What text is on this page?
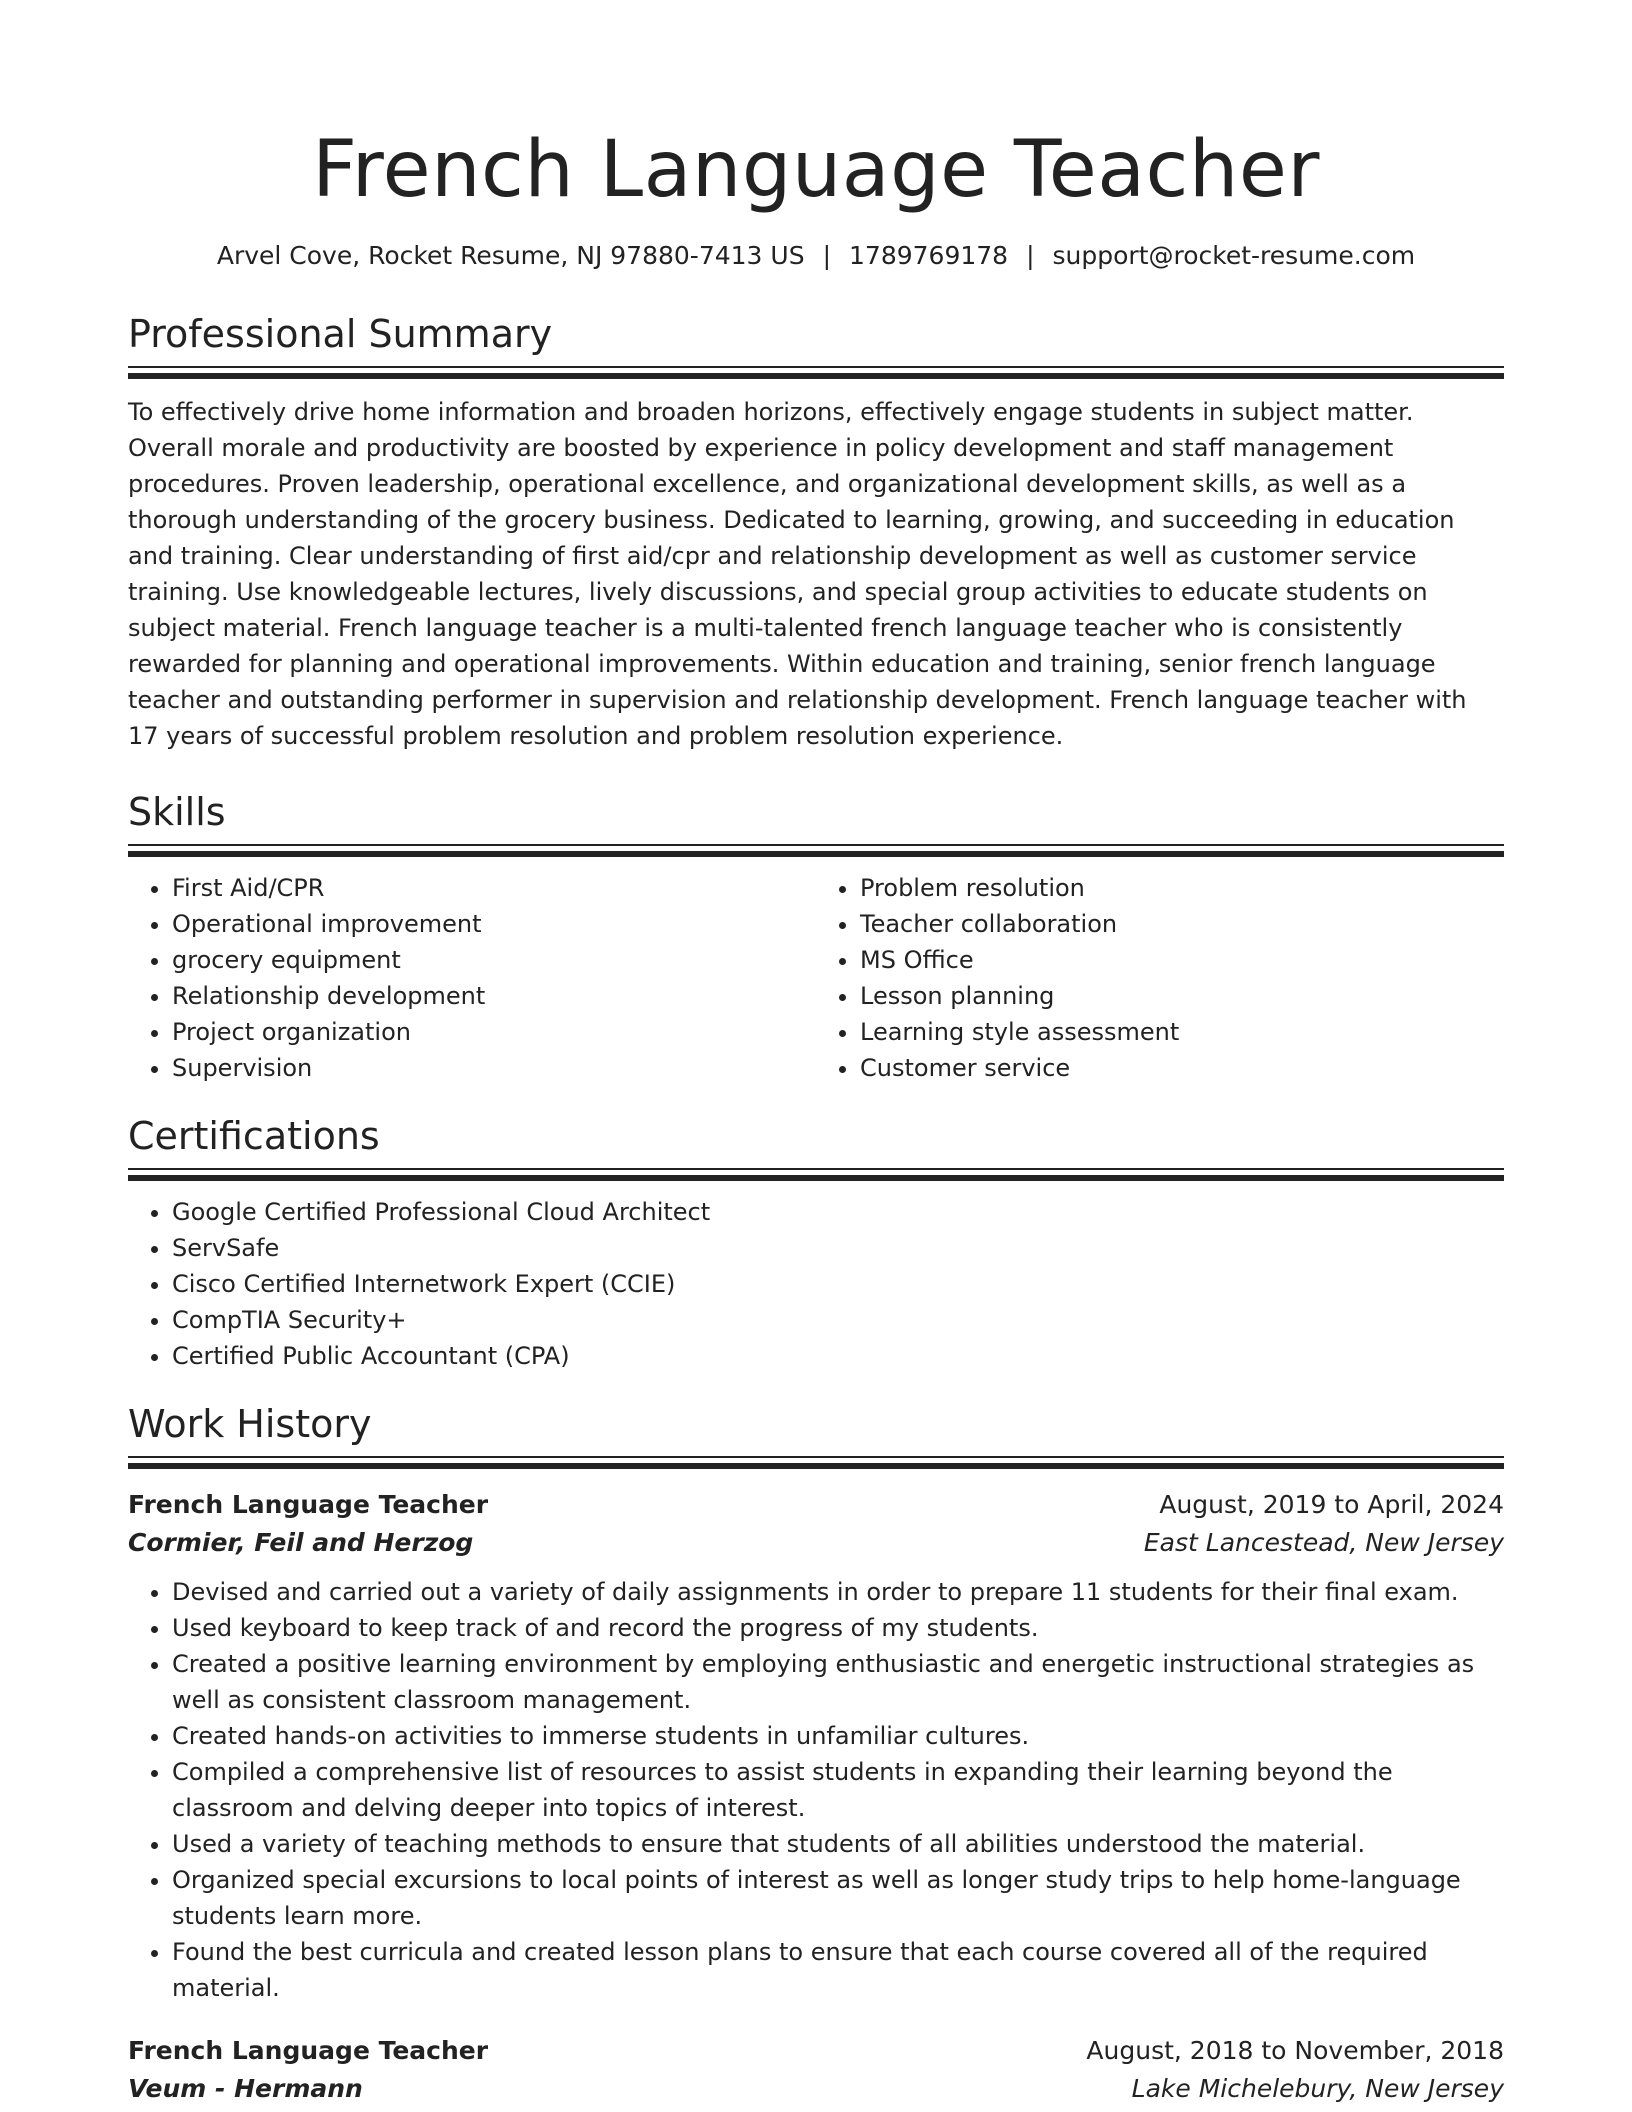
French Language Teacher
Arvel Cove, Rocket Resume, NJ 97880-7413 US | 1789769178 | support@rocket-resume.com
Professional Summary

To effectively drive home information and broaden horizons, effectively engage students in subject matter. Overall morale and productivity are boosted by experience in policy development and staff management procedures. Proven leadership, operational excellence, and organizational development skills, as well as a thorough understanding of the grocery business. Dedicated to learning, growing, and succeeding in education and training. Clear understanding of first aid/cpr and relationship development as well as customer service training. Use knowledgeable lectures, lively discussions, and special group activities to educate students on subject material. French language teacher is a multi-talented french language teacher who is consistently rewarded for planning and operational improvements. Within education and training, senior french language teacher and outstanding performer in supervision and relationship development. French language teacher with 17 years of successful problem resolution and problem resolution experience.

Skills
• First Aid/CPR
• Operational improvement
• grocery equipment
• Relationship development
• Project organization
• Supervision
• Problem resolution
• Teacher collaboration
• MS Office
• Lesson planning
• Learning style assessment
• Customer service
Certifications
• Google Certified Professional Cloud Architect
• ServSafe
• Cisco Certified Internetwork Expert (CCIE)
• CompTIA Security+
• Certified Public Accountant (CPA)
Work History
French Language Teacher	August, 2019 to April, 2024
Cormier, Feil and Herzog	East Lancestead, New Jersey
• Devised and carried out a variety of daily assignments in order to prepare 11 students for their final exam.
• Used keyboard to keep track of and record the progress of my students.
• Created a positive learning environment by employing enthusiastic and energetic instructional strategies as well as consistent classroom management.
• Created hands-on activities to immerse students in unfamiliar cultures.
• Compiled a comprehensive list of resources to assist students in expanding their learning beyond the classroom and delving deeper into topics of interest.
• Used a variety of teaching methods to ensure that students of all abilities understood the material.
• Organized special excursions to local points of interest as well as longer study trips to help home-language students learn more.
• Found the best curricula and created lesson plans to ensure that each course covered all of the required material.
French Language Teacher	August, 2018 to November, 2018
Veum - Hermann	Lake Michelebury, New Jersey
